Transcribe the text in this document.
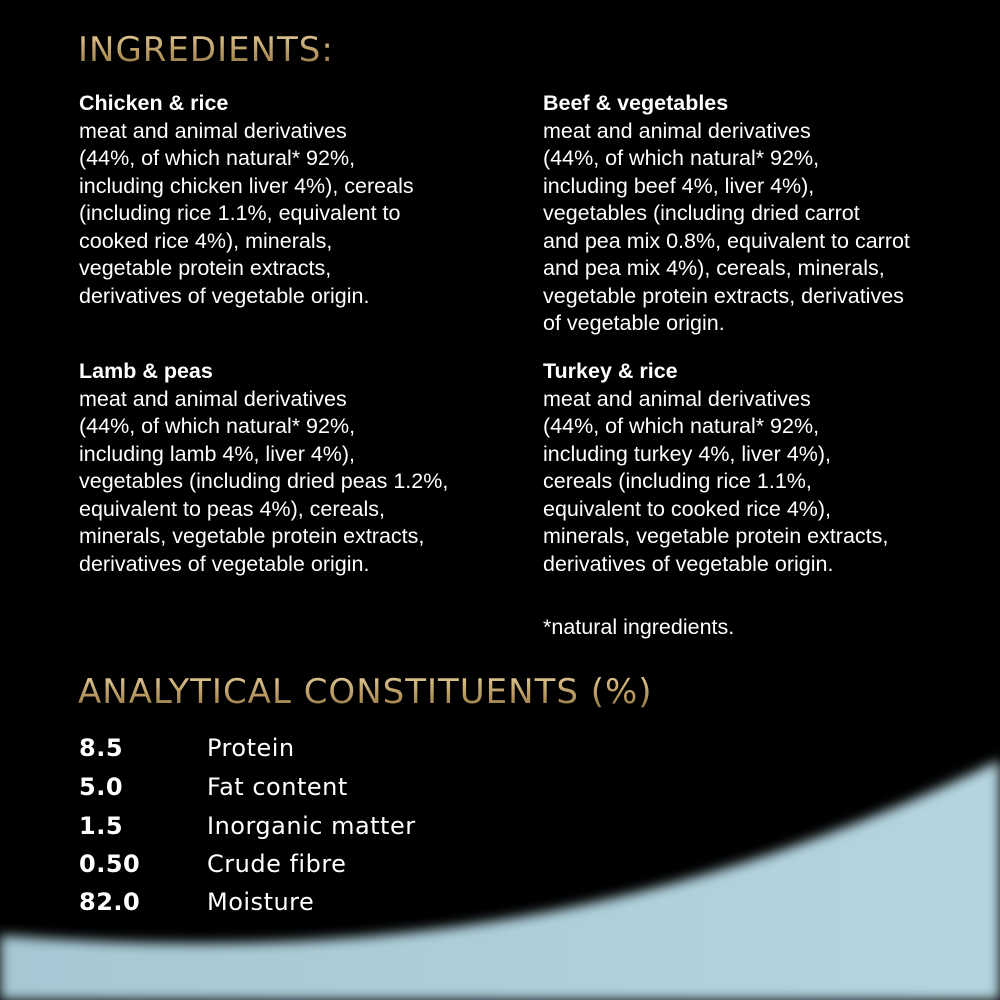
INGREDIENTS:
Chicken & rice
meat and animal derivatives
(44%, of which natural* 92%,
including chicken liver 4%), cereals
(including rice 1.1%, equivalent to
cooked rice 4%), minerals,
vegetable protein extracts,
derivatives of vegetable origin.
Beef & vegetables
meat and animal derivatives
(44%, of which natural* 92%,
including beef 4%, liver 4%),
vegetables (including dried carrot
and pea mix 0.8%, equivalent to carrot
and pea mix 4%), cereals, minerals,
vegetable protein extracts, derivatives
of vegetable origin.
Lamb & peas
meat and animal derivatives
(44%, of which natural* 92%,
including lamb 4%, liver 4%),
vegetables (including dried peas 1.2%,
equivalent to peas 4%), cereals,
minerals, vegetable protein extracts,
derivatives of vegetable origin.
Turkey & rice
meat and animal derivatives
(44%, of which natural* 92%,
including turkey 4%, liver 4%),
cereals (including rice 1.1%,
equivalent to cooked rice 4%),
minerals, vegetable protein extracts,
derivatives of vegetable origin.
*natural ingredients.
ANALYTICAL CONSTITUENTS (%)
8.5	Protein
5.0	Fat content
1.5	Inorganic matter
0.50	Crude fibre
82.0	Moisture
